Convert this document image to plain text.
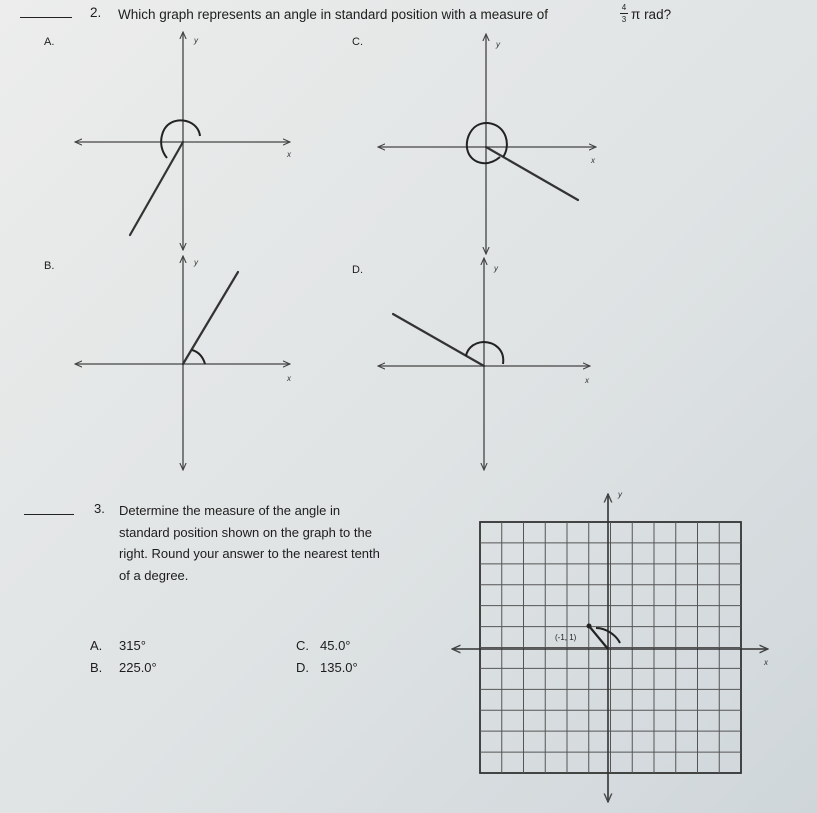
2. Which graph represents an angle in standard position with a measure of	4
3 π rad?
A.	C.
B.	D.
y
x
y
x
y
x
y
x
y
x
(-1, 1)
3. Determine the measure of the angle in
standard position shown on the graph to the
right. Round your answer to the nearest tenth
of a degree.
A. 315°
B. 225.0°
C. 45.0°
D. 135.0°
